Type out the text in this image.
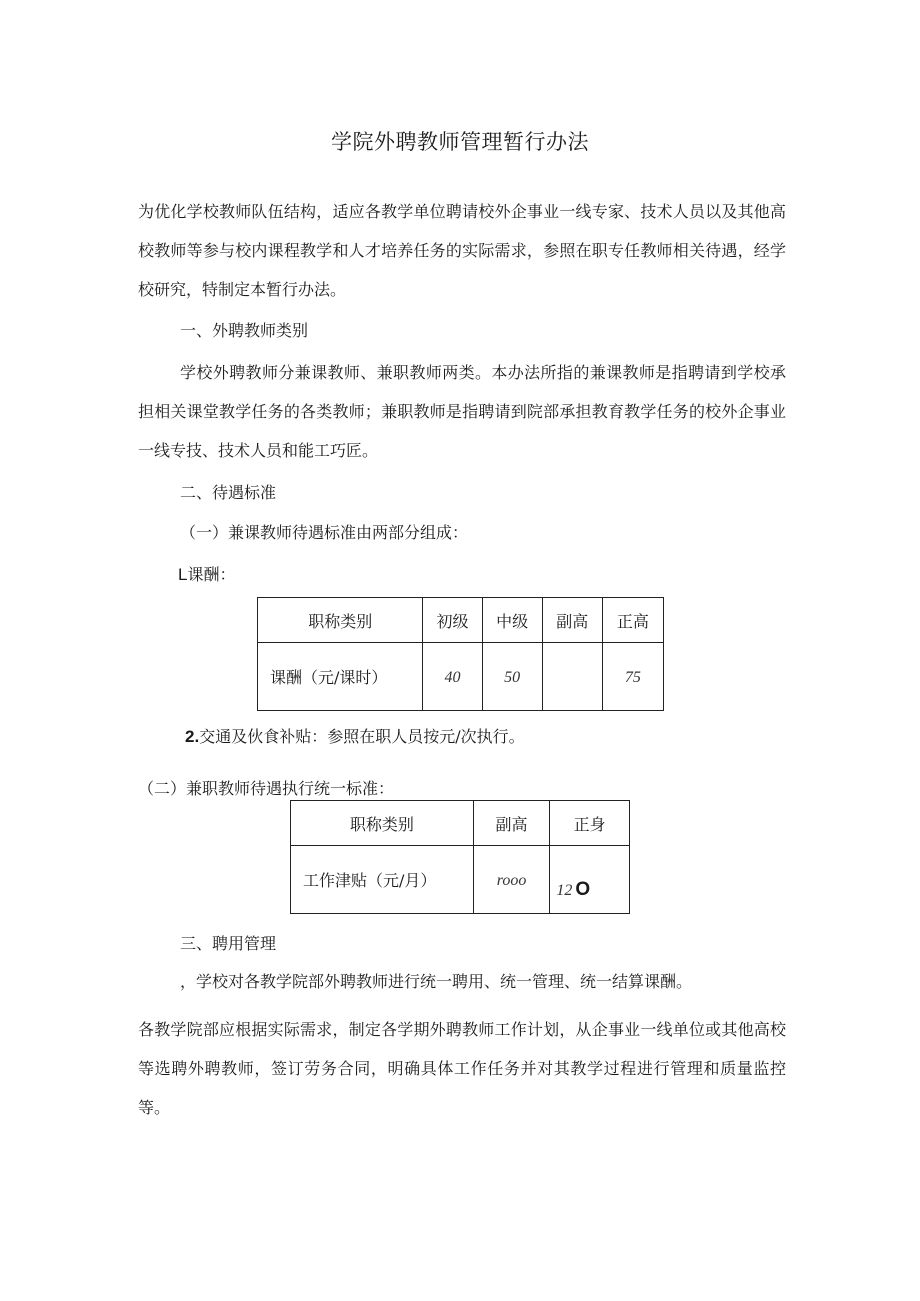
学院外聘教师管理暂行办法

为优化学校教师队伍结构，适应各教学单位聘请校外企事业一线专家、技术人员以及其他高校教师等参与校内课程教学和人才培养任务的实际需求，参照在职专任教师相关待遇，经学校研究，特制定本暂行办法。

一、外聘教师类别

学校外聘教师分兼课教师、兼职教师两类。本办法所指的兼课教师是指聘请到学校承担相关课堂教学任务的各类教师；兼职教师是指聘请到院部承担教育教学任务的校外企事业一线专技、技术人员和能工巧匠。

二、待遇标准
（一）兼课教师待遇标准由两部分组成：
L课酬：
职称类别	初级	中级	副高	正高
课酬（元/课时）	40	50		75
2.交通及伙食补贴：参照在职人员按元/次执行。
（二）兼职教师待遇执行统一标准：
职称类别	副高	正身
工作津贴（元/月）	rooo	12 O
三、聘用管理
，学校对各教学院部外聘教师进行统一聘用、统一管理、统一结算课酬。

各教学院部应根据实际需求，制定各学期外聘教师工作计划，从企事业一线单位或其他高校等选聘外聘教师，签订劳务合同，明确具体工作任务并对其教学过程进行管理和质量监控等。
